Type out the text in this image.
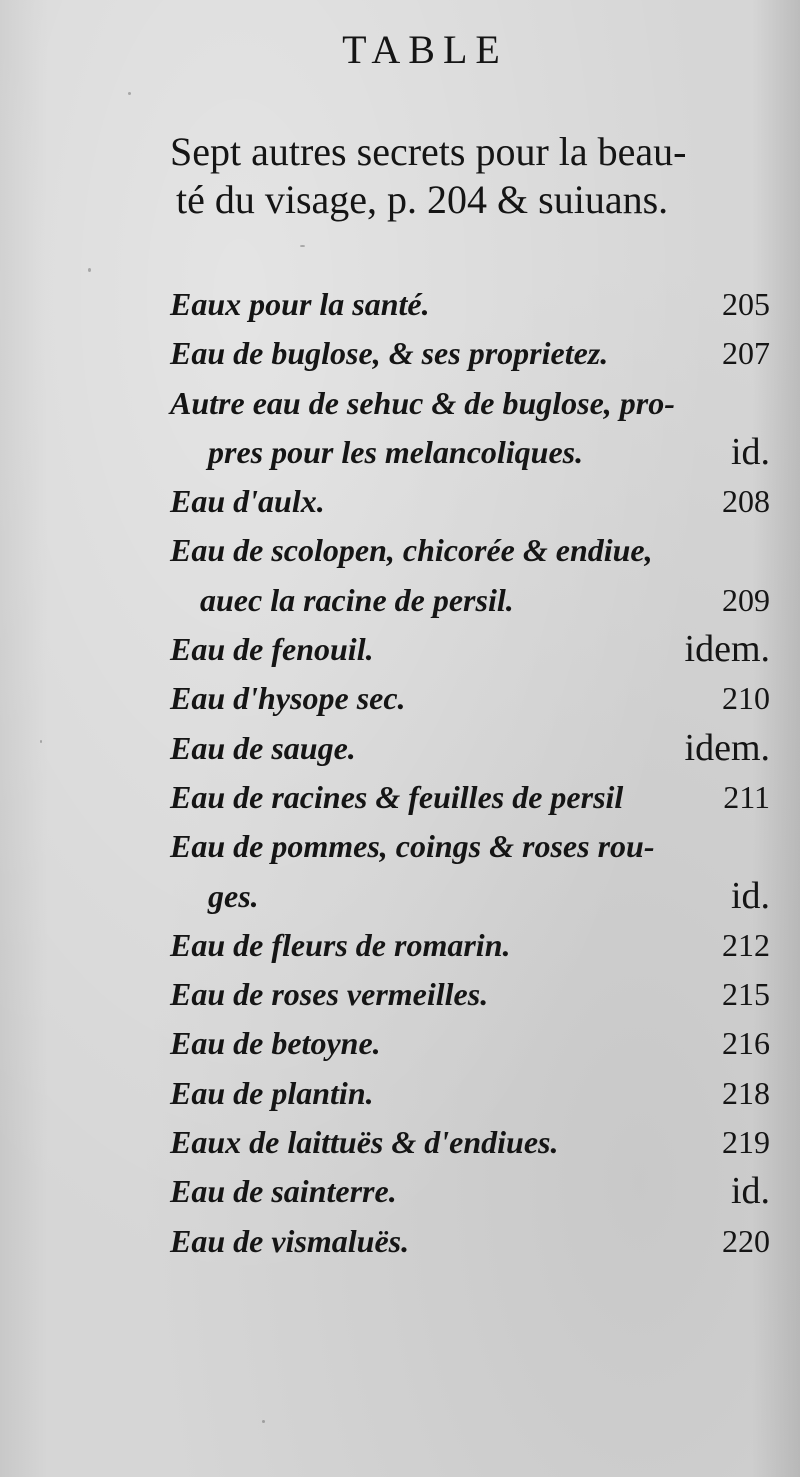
TABLE
Sept autres secrets pour la beau-
té du visage, p. 204 & suiuans.
Eaux pour la santé.	205
Eau de buglose, & ses proprietez.	207
Autre eau de sehuc & de buglose, pro-
pres pour les melancoliques.	id.
Eau d'aulx.	208
Eau de scolopen, chicorée & endiue,
auec la racine de persil.	209
Eau de fenouil.	idem.
Eau d'hysope sec.	210
Eau de sauge.	idem.
Eau de racines & feuilles de persil	211
Eau de pommes, coings & roses rou-
ges.	id.
Eau de fleurs de romarin.	212
Eau de roses vermeilles.	215
Eau de betoyne.	216
Eau de plantin.	218
Eaux de laittuës & d'endiues.	219
Eau de sainterre.	id.
Eau de vismaluës.	220
